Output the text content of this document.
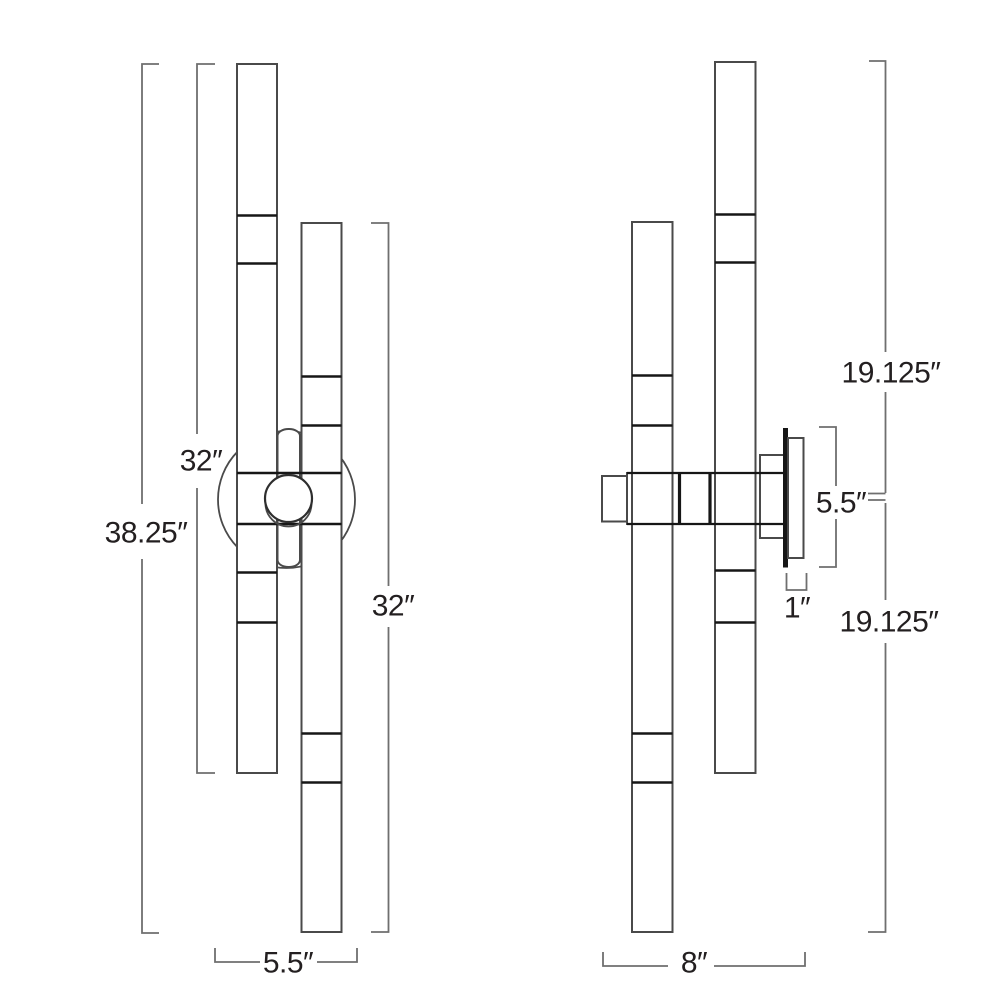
38.25″
32″
32″
5.5″
19.125″
19.125″
5.5″
1″
8″
